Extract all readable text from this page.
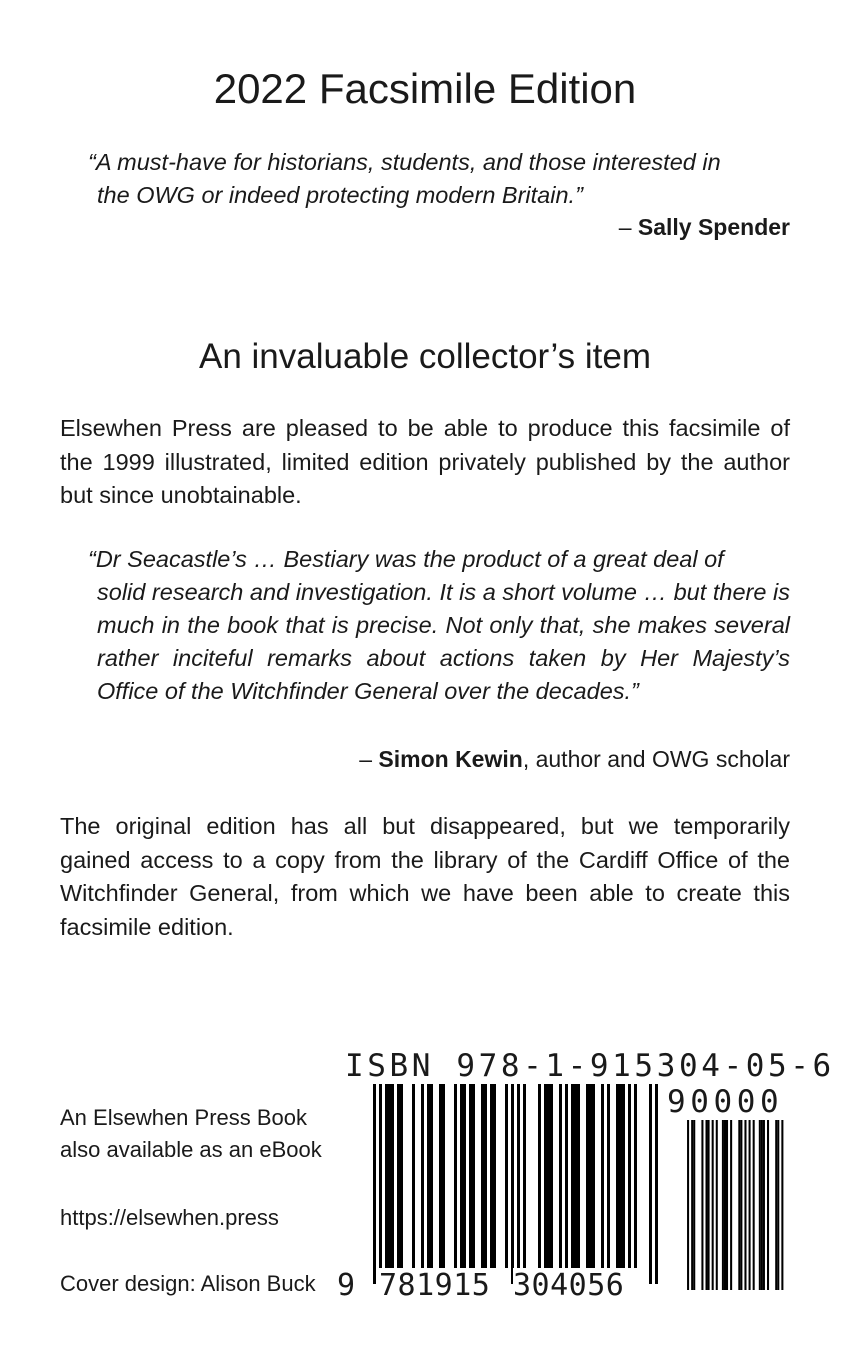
2022 Facsimile Edition
“A must-have for historians, students, and those interested in
the OWG or indeed protecting modern Britain.”
– Sally Spender
An invaluable collector’s item
Elsewhen Press are pleased to be able to produce this facsimile of the 1999 illustrated, limited edition privately published by the author but since unobtainable.
“Dr Seacastle’s … Bestiary was the product of a great deal of
solid research and investigation. It is a short volume … but there is much in the book that is precise. Not only that, she makes several rather inciteful remarks about actions taken by Her Majesty’s Office of the Witchfinder General over the decades.”
– Simon Kewin, author and OWG scholar
The original edition has all but disappeared, but we temporarily gained access to a copy from the library of the Cardiff Office of the Witchfinder General, from which we have been able to create this facsimile edition.
An Elsewhen Press Book
also available as an eBook
https://elsewhen.press
Cover design: Alison Buck
ISBN 978-1-915304-05-6
90000
9 781915 304056
